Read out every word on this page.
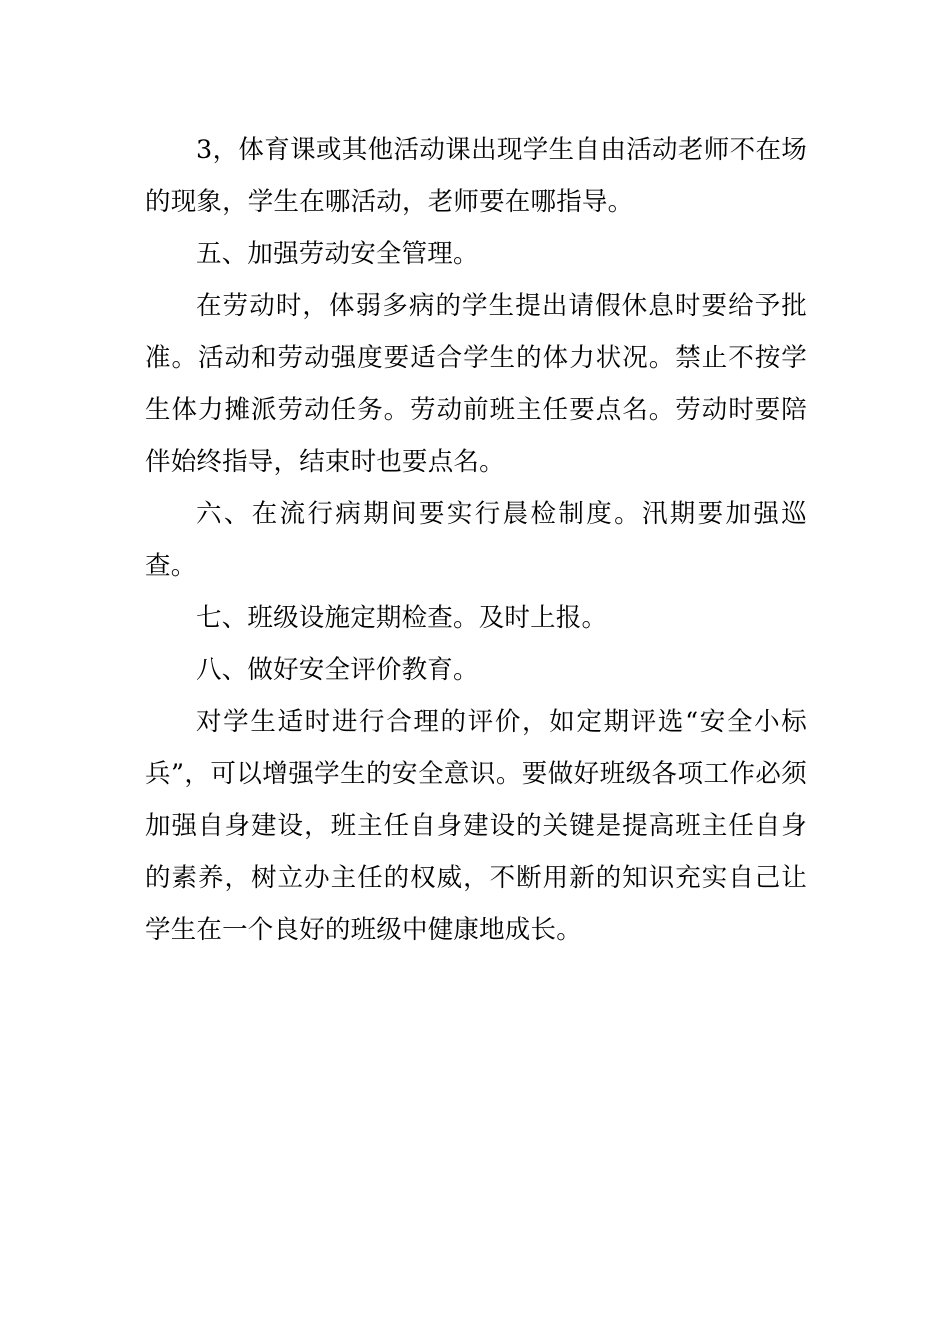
3，体育课或其他活动课出现学生自由活动老师不在场的现象，学生在哪活动，老师要在哪指导。

五、加强劳动安全管理。

在劳动时，体弱多病的学生提出请假休息时要给予批准。活动和劳动强度要适合学生的体力状况。禁止不按学生体力摊派劳动任务。劳动前班主任要点名。劳动时要陪伴始终指导，结束时也要点名。

六、在流行病期间要实行晨检制度。汛期要加强巡查。

七、班级设施定期检查。及时上报。

八、做好安全评价教育。

对学生适时进行合理的评价，如定期评选“安全小标兵”，可以增强学生的安全意识。要做好班级各项工作必须加强自身建设，班主任自身建设的关键是提高班主任自身的素养，树立办主任的权威，不断用新的知识充实自己让学生在一个良好的班级中健康地成长。
